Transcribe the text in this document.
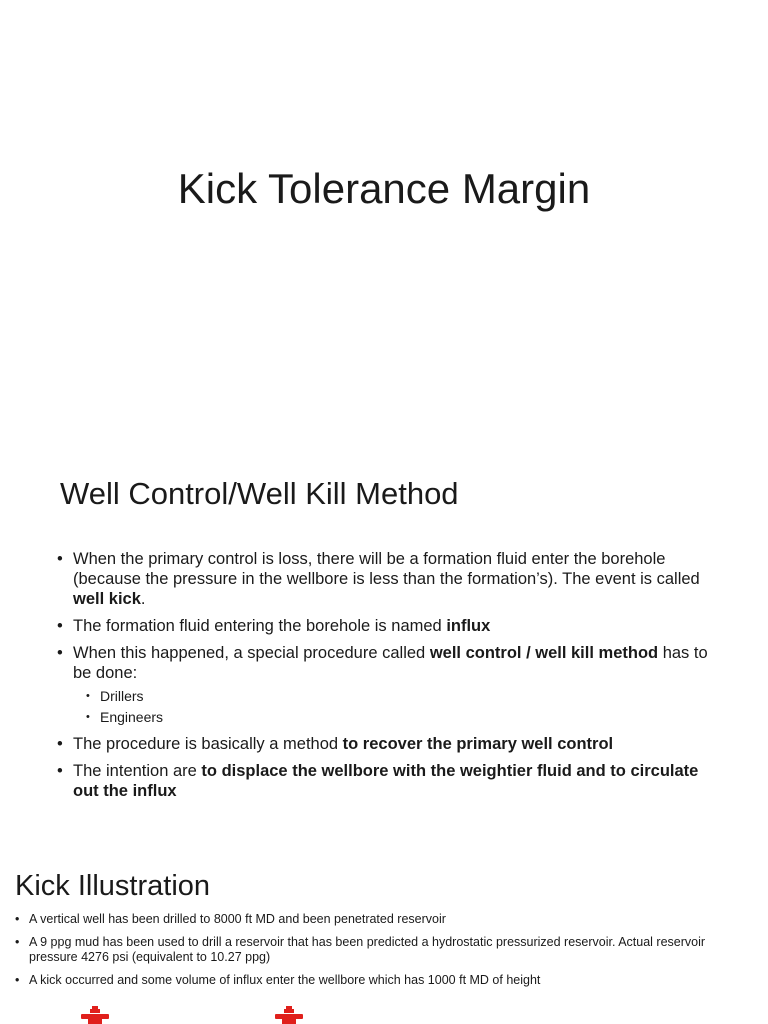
Kick Tolerance Margin
Well Control/Well Kill Method
• When the primary control is loss, there will be a formation fluid enter the borehole (because the pressure in the wellbore is less than the formation’s). The event is called well kick.
• The formation fluid entering the borehole is named influx
• When this happened, a special procedure called well control / well kill method has to be done:
• Drillers
• Engineers
• The procedure is basically a method to recover the primary well control
• The intention are to displace the wellbore with the weightier fluid and to circulate out the influx
Kick Illustration
• A vertical well has been drilled to 8000 ft MD and been penetrated reservoir
• A 9 ppg mud has been used to drill a reservoir that has been predicted a hydrostatic pressurized reservoir. Actual reservoir pressure 4276 psi (equivalent to 10.27 ppg)
• A kick occurred and some volume of influx enter the wellbore which has 1000 ft MD of height
